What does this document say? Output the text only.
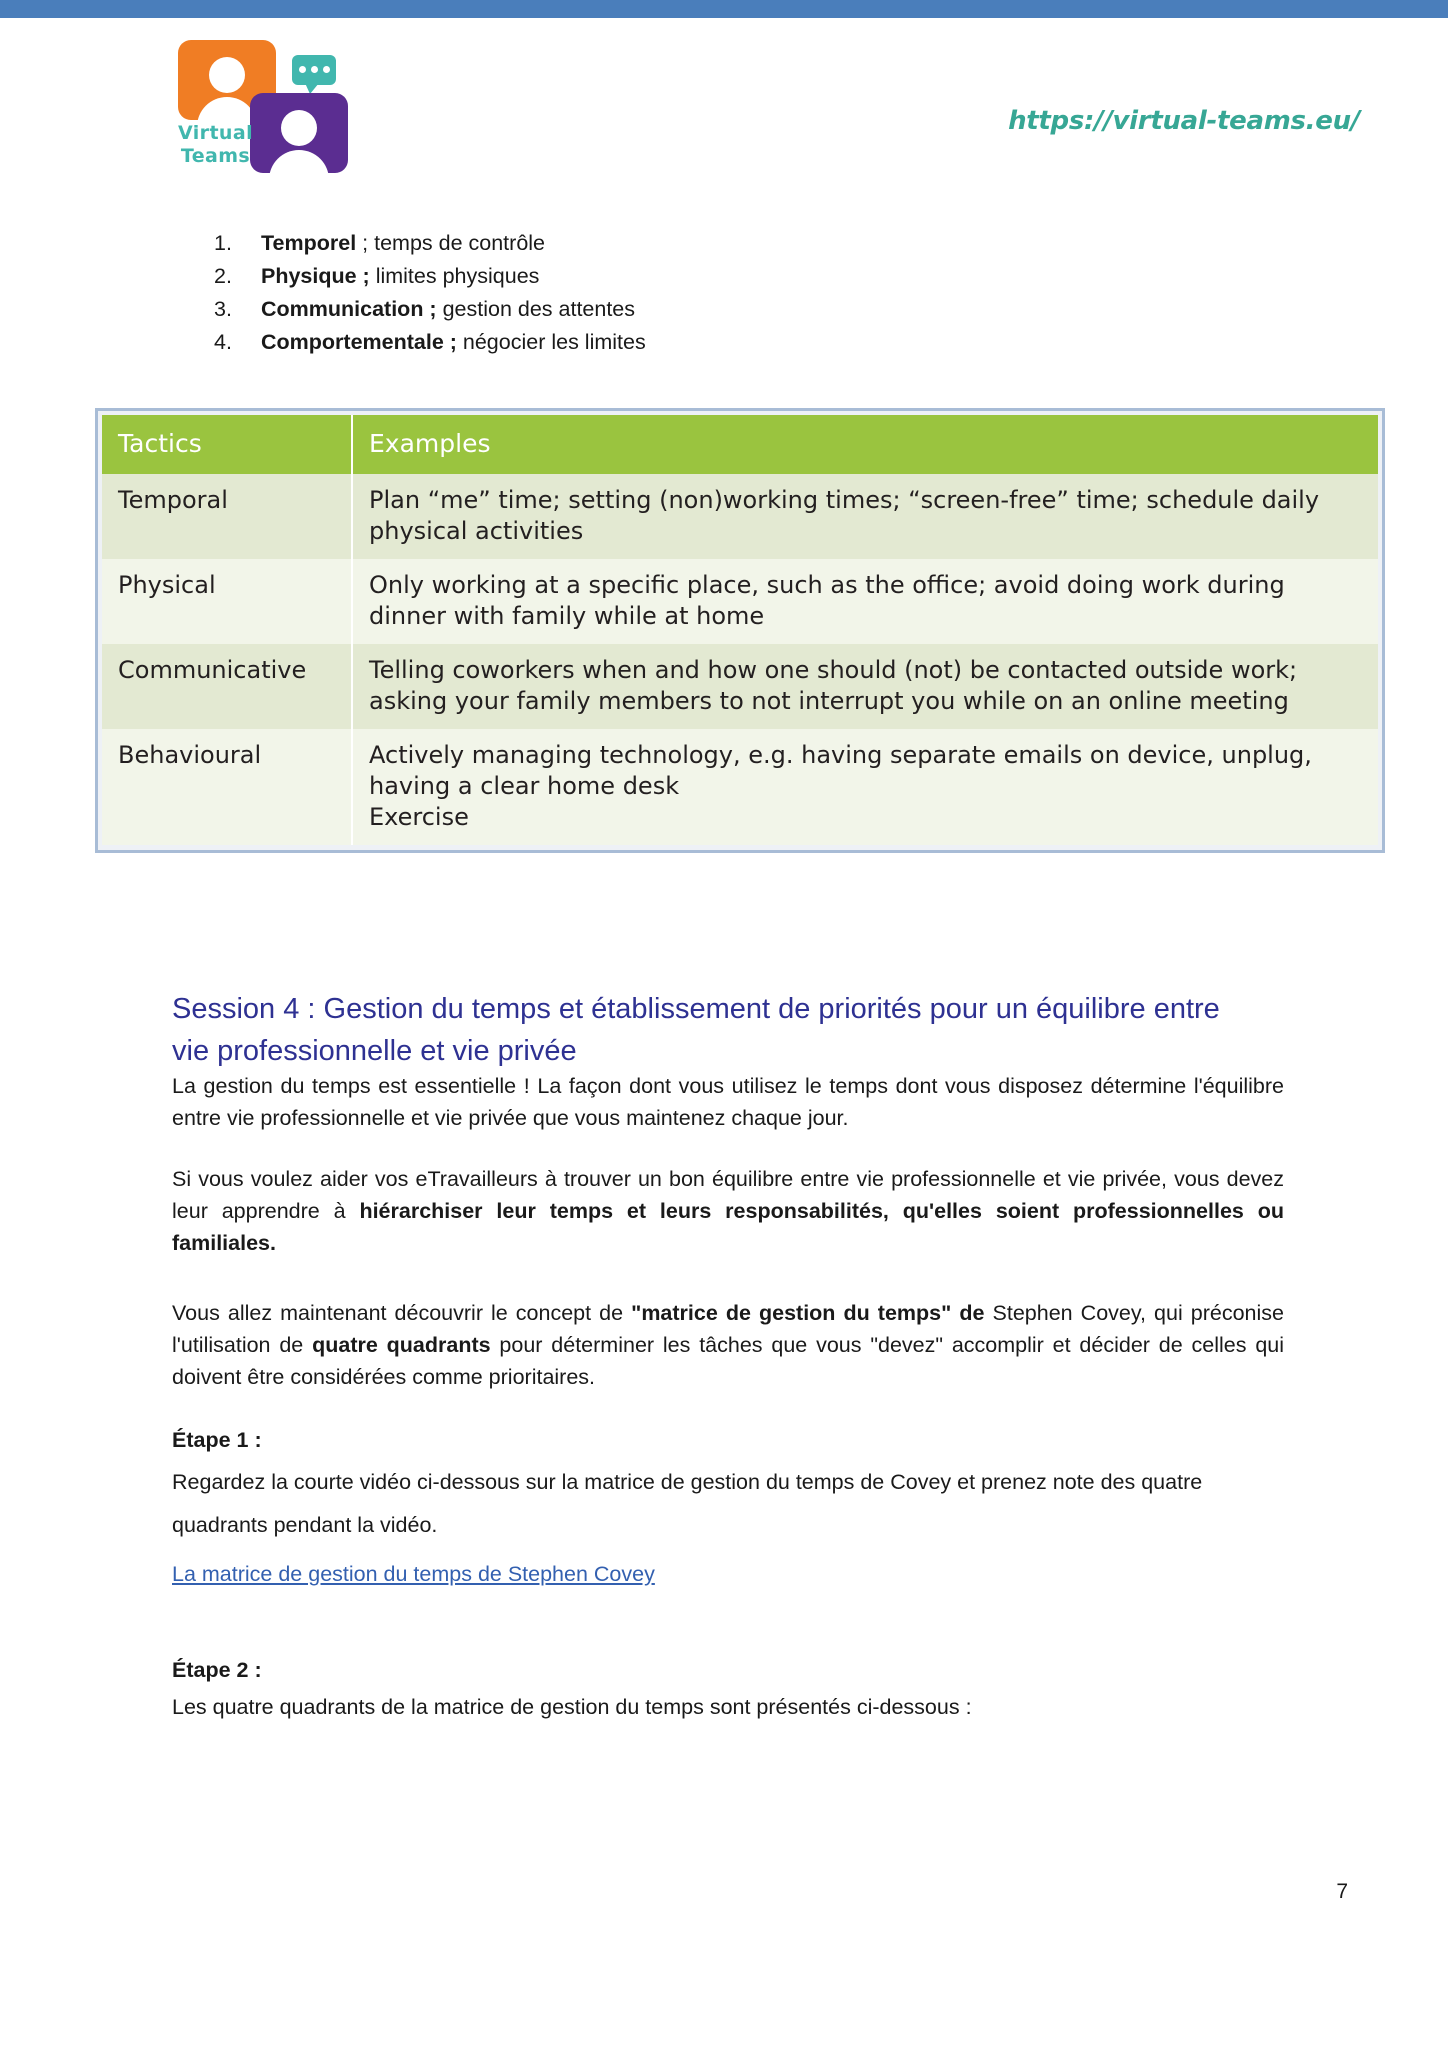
Virtual
Teams
https://virtual-teams.eu/
1.	Temporel ; temps de contrôle
2.	Physique ; limites physiques
3.	Communication ; gestion des attentes
4.	Comportementale ; négocier les limites
Tactics	Examples
Temporal	Plan “me” time; setting (non)working times; “screen-free” time; schedule daily physical activities
Physical	Only working at a specific place, such as the office; avoid doing work during dinner with family while at home
Communicative	Telling coworkers when and how one should (not) be contacted outside work; asking your family members to not interrupt you while on an online meeting
Behavioural	Actively managing technology, e.g. having separate emails on device, unplug, having a clear home desk
Exercise
Session 4 : Gestion du temps et établissement de priorités pour un équilibre entre vie professionnelle et vie privée
La gestion du temps est essentielle ! La façon dont vous utilisez le temps dont vous disposez détermine l'équilibre entre vie professionnelle et vie privée que vous maintenez chaque jour.
Si vous voulez aider vos eTravailleurs à trouver un bon équilibre entre vie professionnelle et vie privée, vous devez leur apprendre à hiérarchiser leur temps et leurs responsabilités, qu'elles soient professionnelles ou familiales.
Vous allez maintenant découvrir le concept de "matrice de gestion du temps" de Stephen Covey, qui préconise l'utilisation de quatre quadrants pour déterminer les tâches que vous "devez" accomplir et décider de celles qui doivent être considérées comme prioritaires.
Étape 1 :
Regardez la courte vidéo ci-dessous sur la matrice de gestion du temps de Covey et prenez note des quatre quadrants pendant la vidéo.
La matrice de gestion du temps de Stephen Covey
Étape 2 :
Les quatre quadrants de la matrice de gestion du temps sont présentés ci-dessous :
7
